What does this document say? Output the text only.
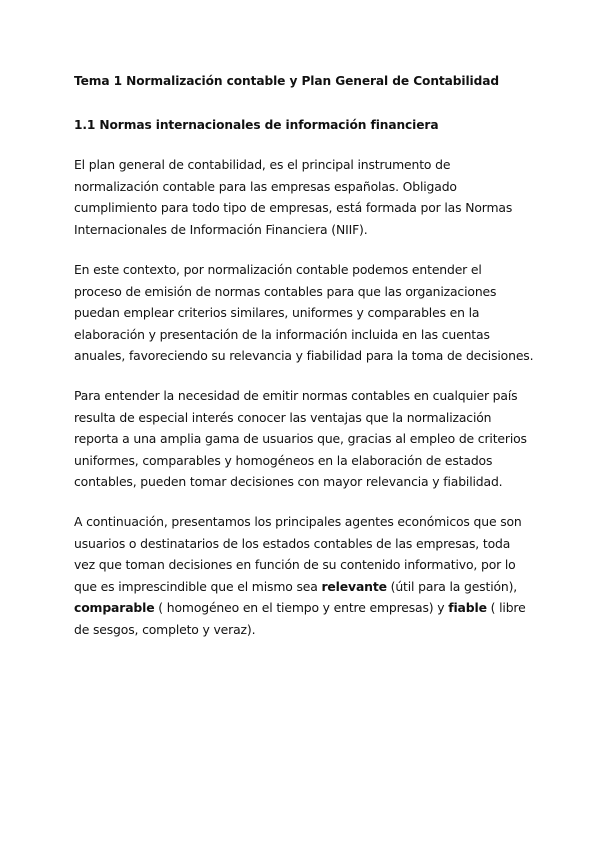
Tema 1 Normalización contable y Plan General de Contabilidad
1.1 Normas internacionales de información financiera
El plan general de contabilidad, es el principal instrumento de
normalización contable para las empresas españolas. Obligado
cumplimiento para todo tipo de empresas, está formada por las Normas
Internacionales de Información Financiera (NIIF).
En este contexto, por normalización contable podemos entender el
proceso de emisión de normas contables para que las organizaciones
puedan emplear criterios similares, uniformes y comparables en la
elaboración y presentación de la información incluida en las cuentas
anuales, favoreciendo su relevancia y fiabilidad para la toma de decisiones.
Para entender la necesidad de emitir normas contables en cualquier país
resulta de especial interés conocer las ventajas que la normalización
reporta a una amplia gama de usuarios que, gracias al empleo de criterios
uniformes, comparables y homogéneos en la elaboración de estados
contables, pueden tomar decisiones con mayor relevancia y fiabilidad.
A continuación, presentamos los principales agentes económicos que son
usuarios o destinatarios de los estados contables de las empresas, toda
vez que toman decisiones en función de su contenido informativo, por lo
que es imprescindible que el mismo sea relevante (útil para la gestión),
comparable ( homogéneo en el tiempo y entre empresas) y fiable ( libre
de sesgos, completo y veraz).
